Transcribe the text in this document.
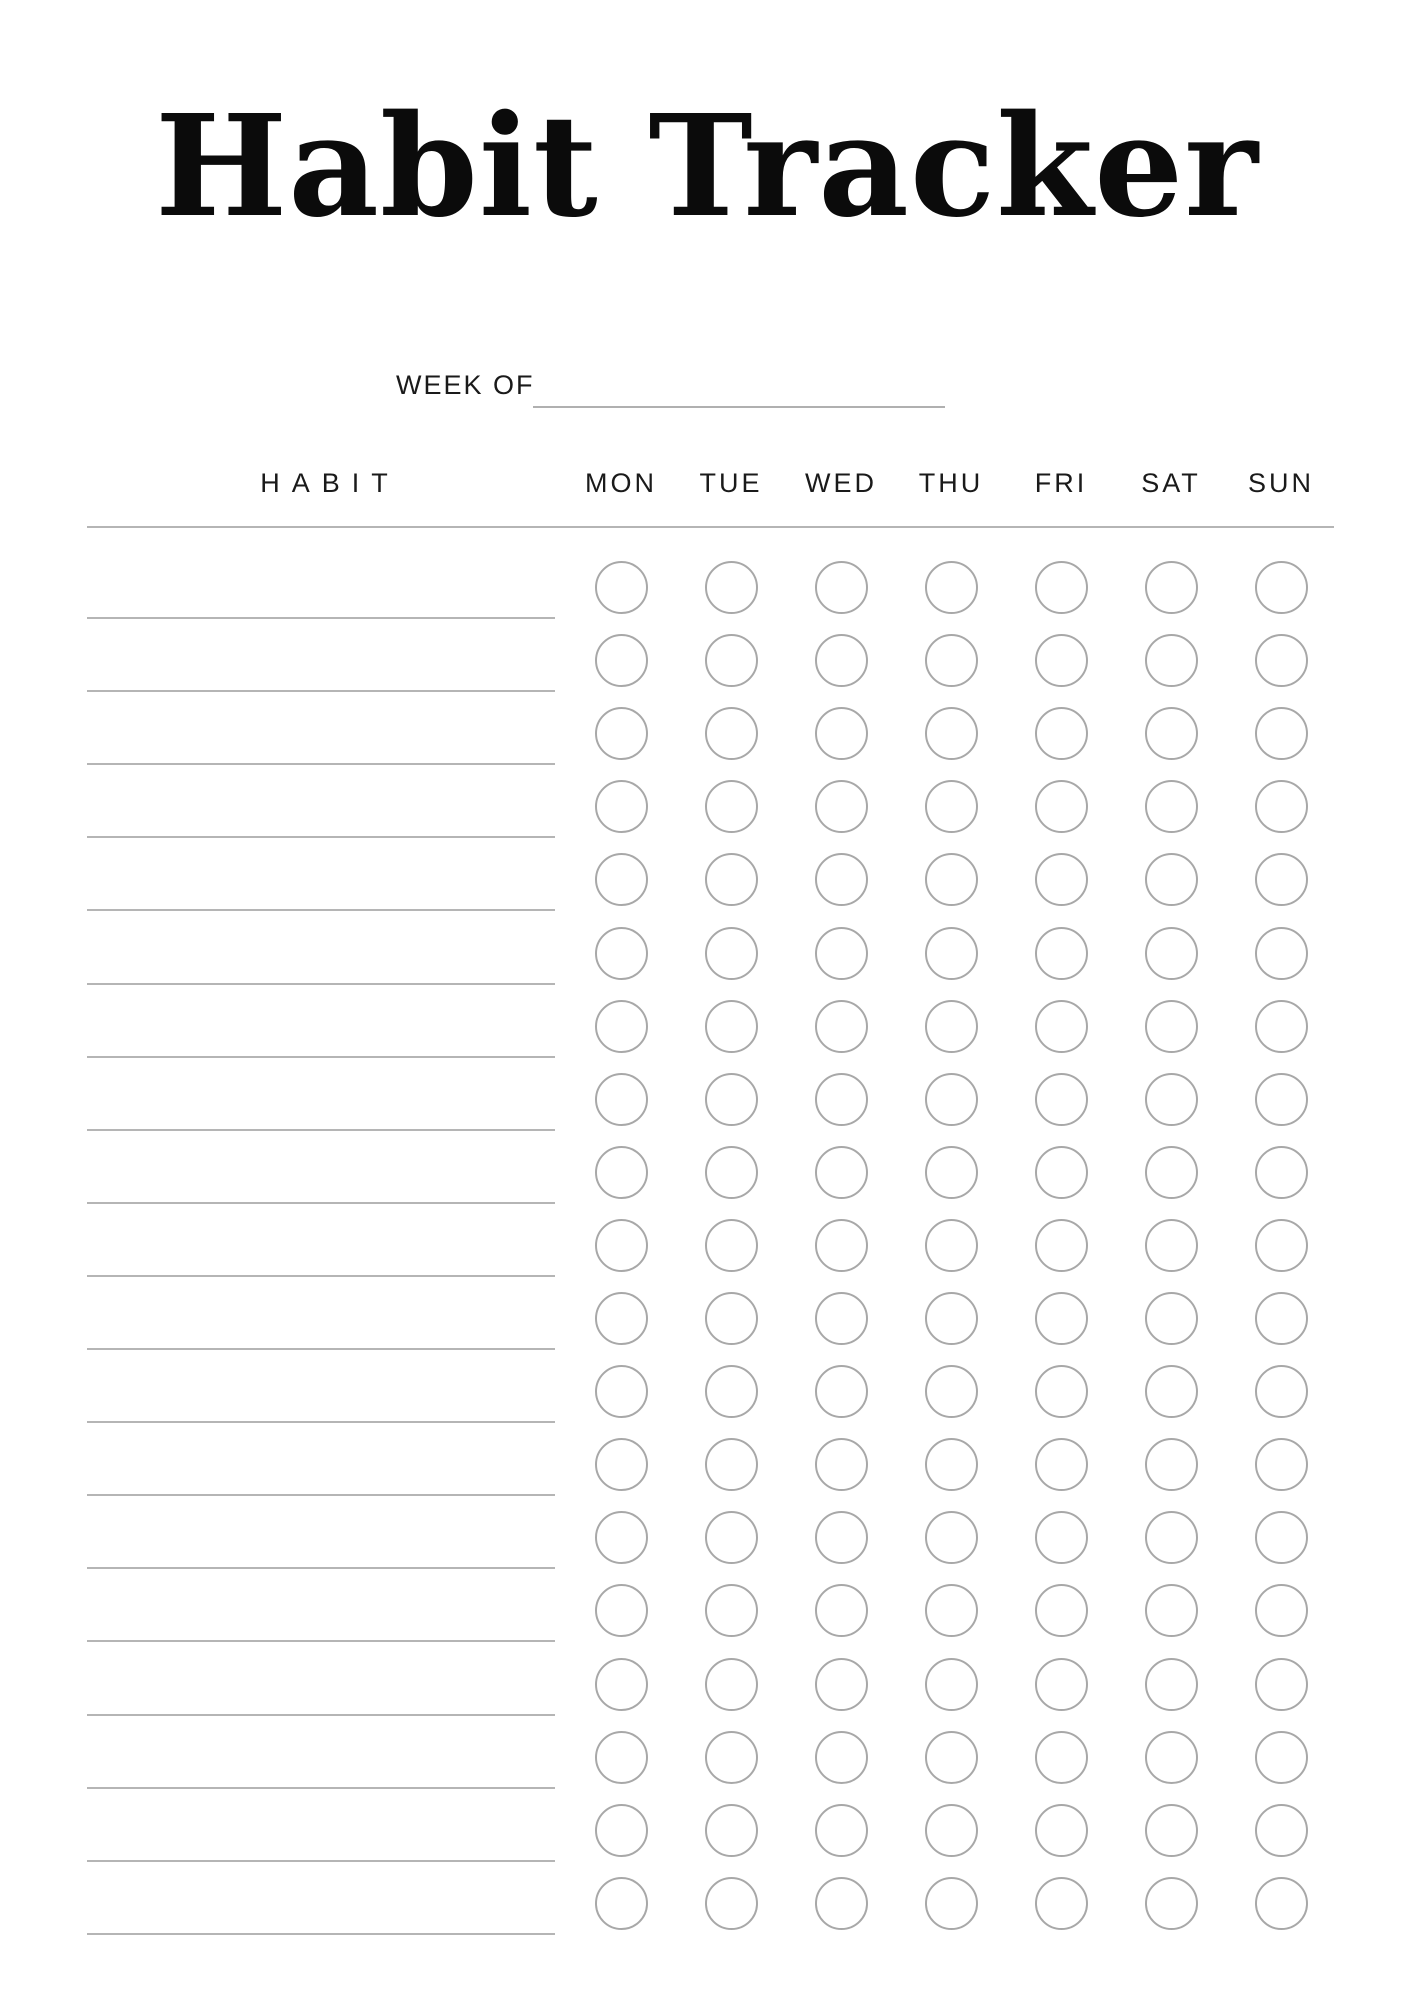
Habit Tracker
WEEK OF
HABIT	MON	TUE	WED	THU	FRI	SAT	SUN
